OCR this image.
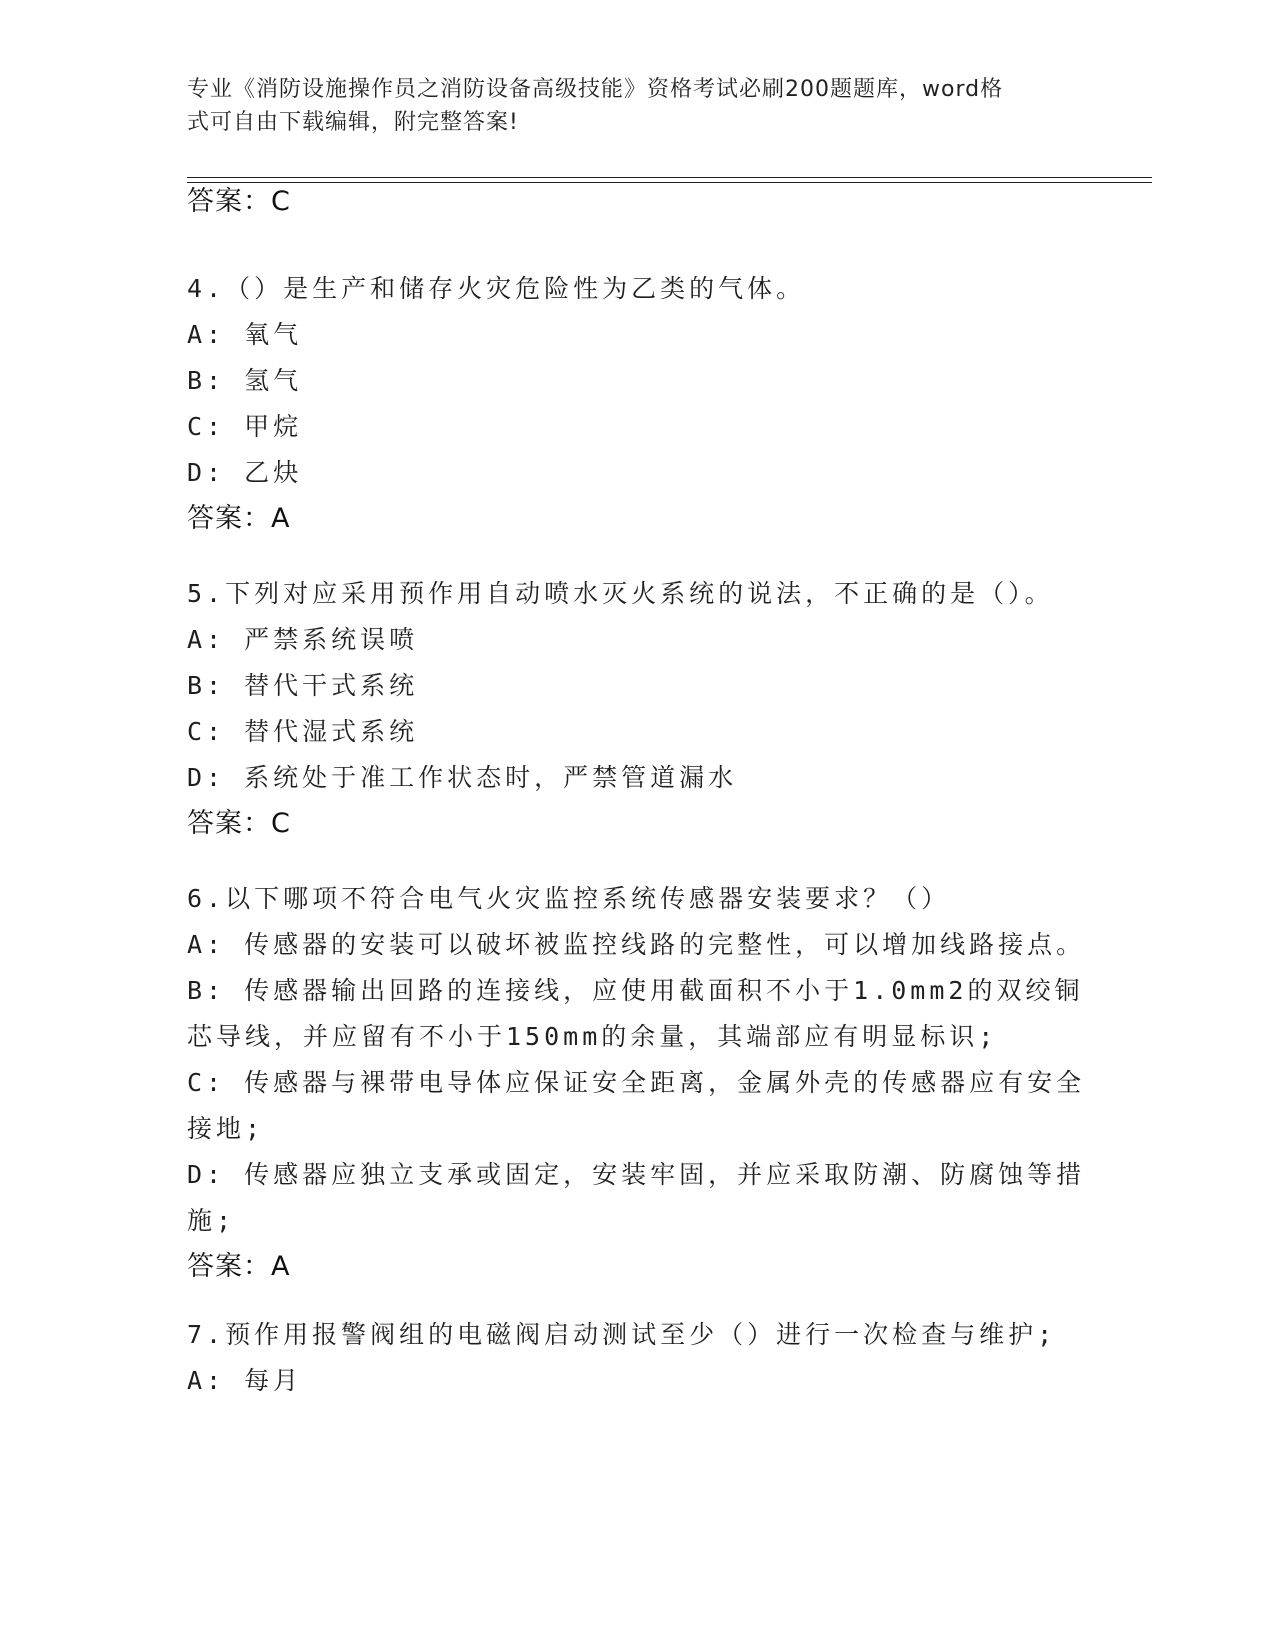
专业《消防设施操作员之消防设备高级技能》资格考试必刷200题题库，word格
式可自由下载编辑，附完整答案!
答案：C
4.（）是生产和储存火灾危险性为乙类的气体。
A: 氧气
B: 氢气
C: 甲烷
D: 乙炔
答案：A
5.下列对应采用预作用自动喷水灭火系统的说法，不正确的是（）。
A: 严禁系统误喷
B: 替代干式系统
C: 替代湿式系统
D: 系统处于准工作状态时，严禁管道漏水
答案：C
6.以下哪项不符合电气火灾监控系统传感器安装要求？（）
A: 传感器的安装可以破坏被监控线路的完整性，可以增加线路接点。
B: 传感器输出回路的连接线，应使用截面积不小于1.0mm2的双绞铜
芯导线，并应留有不小于150mm的余量，其端部应有明显标识;
C: 传感器与裸带电导体应保证安全距离，金属外壳的传感器应有安全
接地;
D: 传感器应独立支承或固定，安装牢固，并应采取防潮、防腐蚀等措
施;
答案：A
7.预作用报警阀组的电磁阀启动测试至少（）进行一次检查与维护;
A: 每月
